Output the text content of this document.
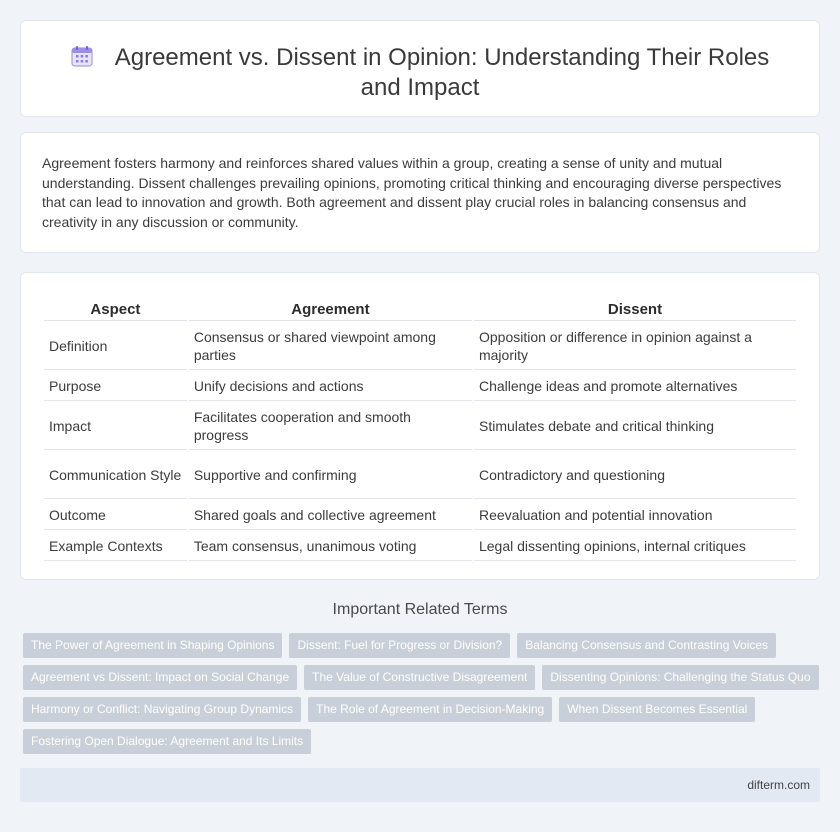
Agreement vs. Dissent in Opinion: Understanding Their Roles and Impact

Agreement fosters harmony and reinforces shared values within a group, creating a sense of unity and mutual understanding. Dissent challenges prevailing opinions, promoting critical thinking and encouraging diverse perspectives that can lead to innovation and growth. Both agreement and dissent play crucial roles in balancing consensus and creativity in any discussion or community.

Aspect	Agreement	Dissent
Definition	Consensus or shared viewpoint among parties	Opposition or difference in opinion against a majority
Purpose	Unify decisions and actions	Challenge ideas and promote alternatives
Impact	Facilitates cooperation and smooth progress	Stimulates debate and critical thinking
Communication Style	Supportive and confirming	Contradictory and questioning
Outcome	Shared goals and collective agreement	Reevaluation and potential innovation
Example Contexts	Team consensus, unanimous voting	Legal dissenting opinions, internal critiques
Important Related Terms
The Power of Agreement in Shaping Opinions Dissent: Fuel for Progress or Division? Balancing Consensus and Contrasting Voices
Agreement vs Dissent: Impact on Social Change The Value of Constructive Disagreement Dissenting Opinions: Challenging the Status Quo
Harmony or Conflict: Navigating Group Dynamics The Role of Agreement in Decision-Making When Dissent Becomes Essential
Fostering Open Dialogue: Agreement and Its Limits
difterm.com
